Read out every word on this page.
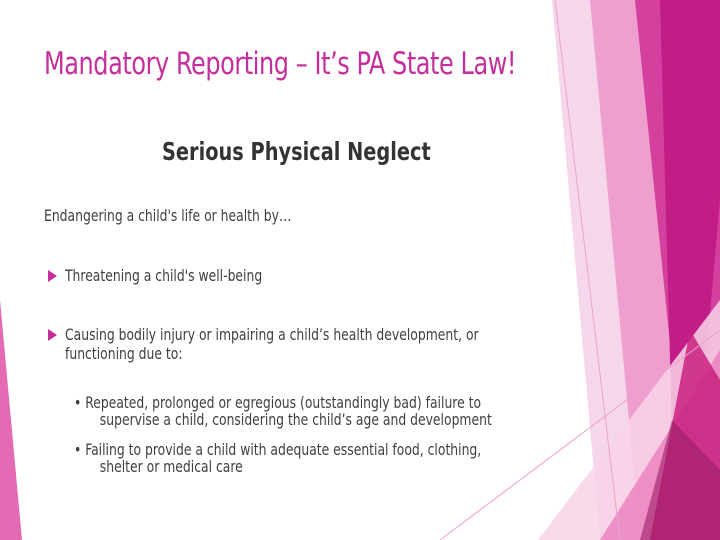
Mandatory Reporting – It’s PA State Law!
Serious Physical Neglect
Endangering a child's life or health by…
Threatening a child's well-being
Causing bodily injury or impairing a child’s health development, or
functioning due to:
• Repeated, prolonged or egregious (outstandingly bad) failure to
supervise a child, considering the child’s age and development
• Failing to provide a child with adequate essential food, clothing,
shelter or medical care
